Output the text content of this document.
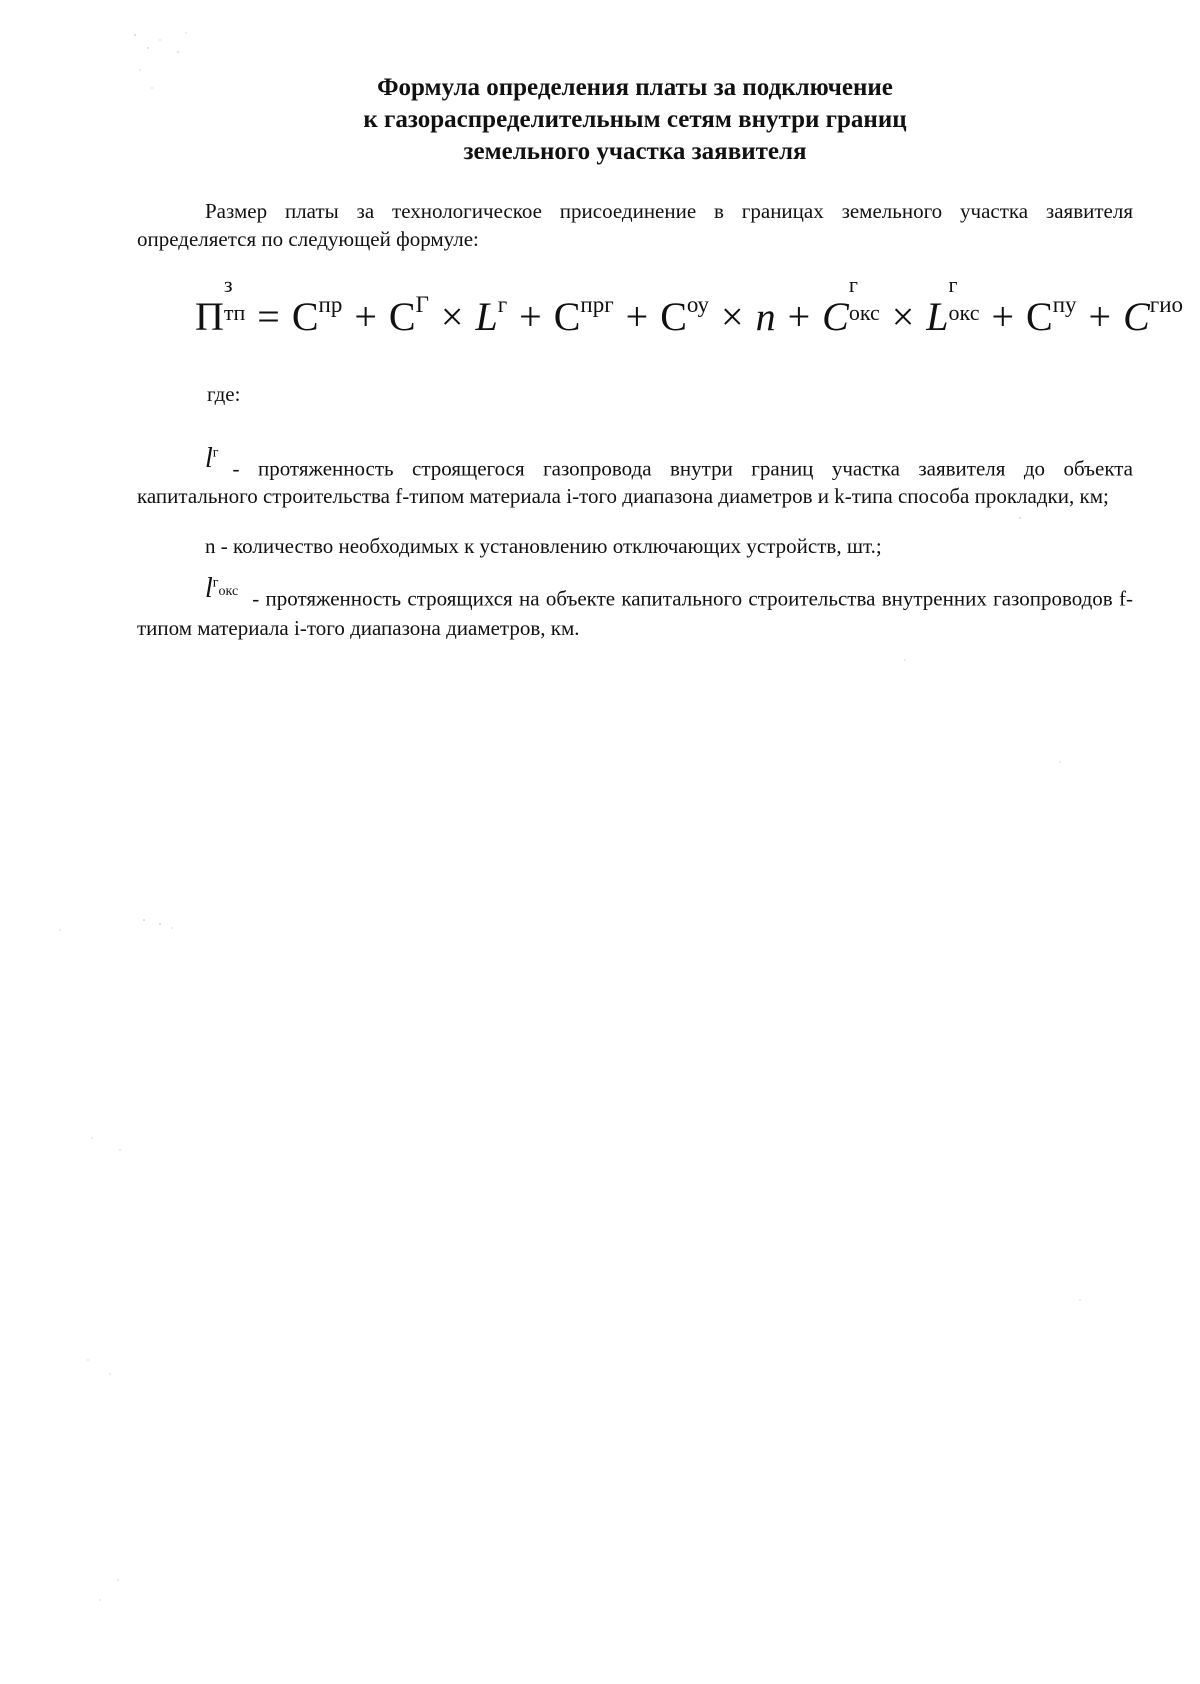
Формула определения платы за подключение
к газораспределительным сетям внутри границ
земельного участка заявителя
Размер платы за технологическое присоединение в границах земельного участка заявителя определяется по следующей формуле:
П
з
тп = $C^{пр} + C^Г \times L^г + C^{прг} + C^{оу} \times n + C$
г
окс × L
г
окс + $C^{пу} + C^{гио}$
где:
$l^г-$ протяженность строящегося газопровода внутри границ участка заявителя до объекта капитального строительства f-типом материала i-того диапазона диаметров и k-типа способа прокладки, км;
n - количество необходимых к установлению отключающих устройств, шт.;
$l^г_{окс}$ - протяженность строящихся на объекте капитального строительства внутренних газопроводов f-типом материала i-того диапазона диаметров, км.
